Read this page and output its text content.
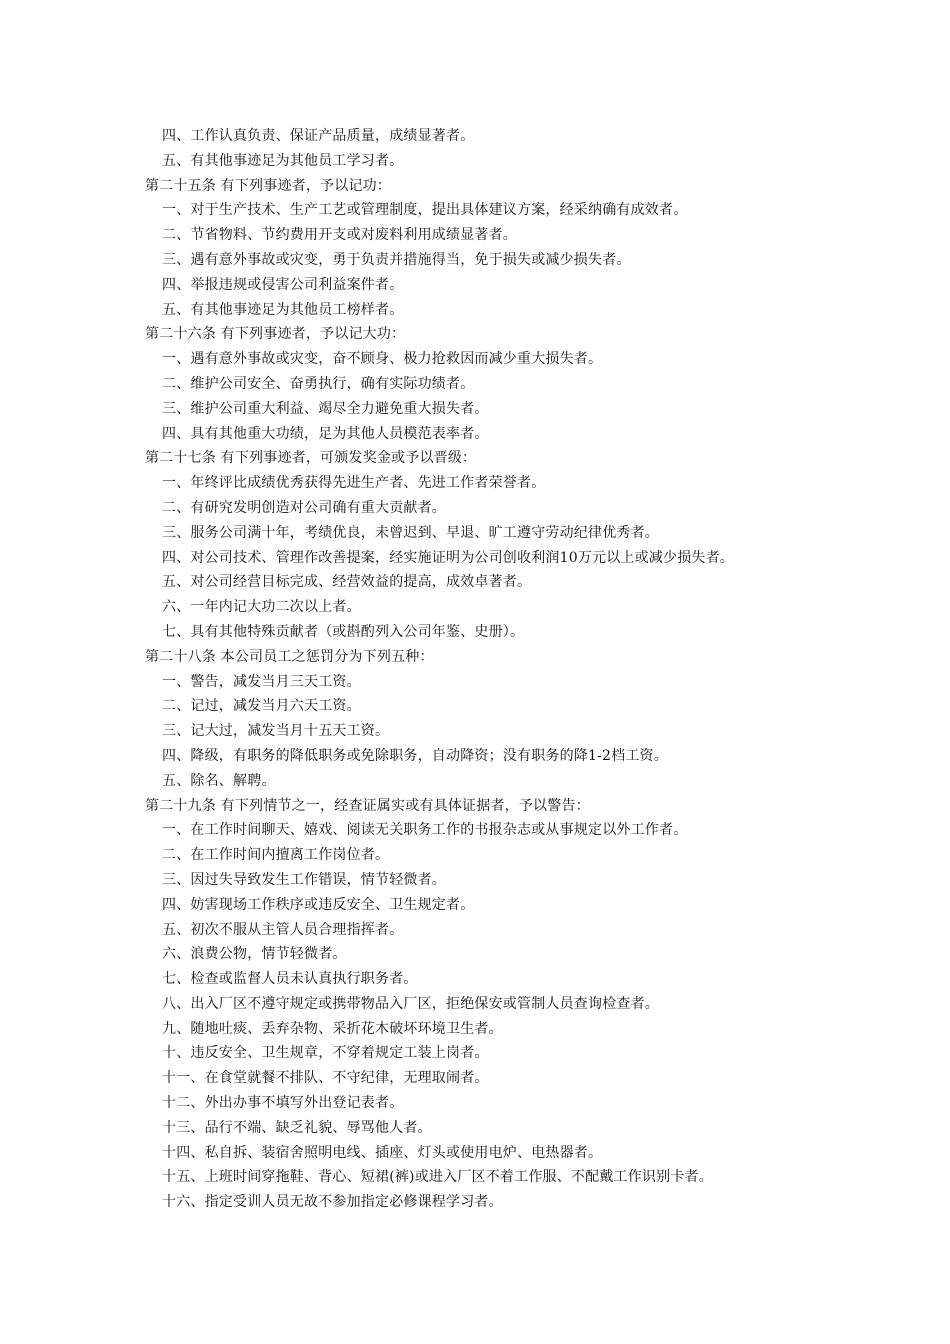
四、工作认真负责、保证产品质量，成绩显著者。
五、有其他事迹足为其他员工学习者。
第二十五条 有下列事迹者，予以记功：
一、对于生产技术、生产工艺或管理制度，提出具体建议方案，经采纳确有成效者。
二、节省物料、节约费用开支或对废料利用成绩显著者。
三、遇有意外事故或灾变，勇于负责并措施得当，免于损失或减少损失者。
四、举报违规或侵害公司利益案件者。
五、有其他事迹足为其他员工榜样者。
第二十六条 有下列事迹者，予以记大功：
一、遇有意外事故或灾变，奋不顾身、极力抢救因而减少重大损失者。
二、维护公司安全、奋勇执行，确有实际功绩者。
三、维护公司重大利益、竭尽全力避免重大损失者。
四、具有其他重大功绩，足为其他人员模范表率者。
第二十七条 有下列事迹者，可颁发奖金或予以晋级：
一、年终评比成绩优秀获得先进生产者、先进工作者荣誉者。
二、有研究发明创造对公司确有重大贡献者。
三、服务公司满十年，考绩优良，未曾迟到、早退、旷工遵守劳动纪律优秀者。
四、对公司技术、管理作改善提案，经实施证明为公司创收利润10万元以上或减少损失者。
五、对公司经营目标完成、经营效益的提高，成效卓著者。
六、一年内记大功二次以上者。
七、具有其他特殊贡献者（或斟酌列入公司年鉴、史册）。
第二十八条 本公司员工之惩罚分为下列五种：
一、警告，减发当月三天工资。
二、记过，减发当月六天工资。
三、记大过，减发当月十五天工资。
四、降级，有职务的降低职务或免除职务，自动降资；没有职务的降1-2档工资。
五、除名、解聘。
第二十九条 有下列情节之一，经查证属实或有具体证据者，予以警告：
一、在工作时间聊天、嬉戏、阅读无关职务工作的书报杂志或从事规定以外工作者。
二、在工作时间内擅离工作岗位者。
三、因过失导致发生工作错误，情节轻微者。
四、妨害现场工作秩序或违反安全、卫生规定者。
五、初次不服从主管人员合理指挥者。
六、浪费公物，情节轻微者。
七、检查或监督人员未认真执行职务者。
八、出入厂区不遵守规定或携带物品入厂区，拒绝保安或管制人员查询检查者。
九、随地吐痰、丢弃杂物、采折花木破坏环境卫生者。
十、违反安全、卫生规章，不穿着规定工装上岗者。
十一、在食堂就餐不排队、不守纪律，无理取闹者。
十二、外出办事不填写外出登记表者。
十三、品行不端、缺乏礼貌、辱骂他人者。
十四、私自拆、装宿舍照明电线、插座、灯头或使用电炉、电热器者。
十五、上班时间穿拖鞋、背心、短裙(裤)或进入厂区不着工作服、不配戴工作识别卡者。
十六、指定受训人员无故不参加指定必修课程学习者。
